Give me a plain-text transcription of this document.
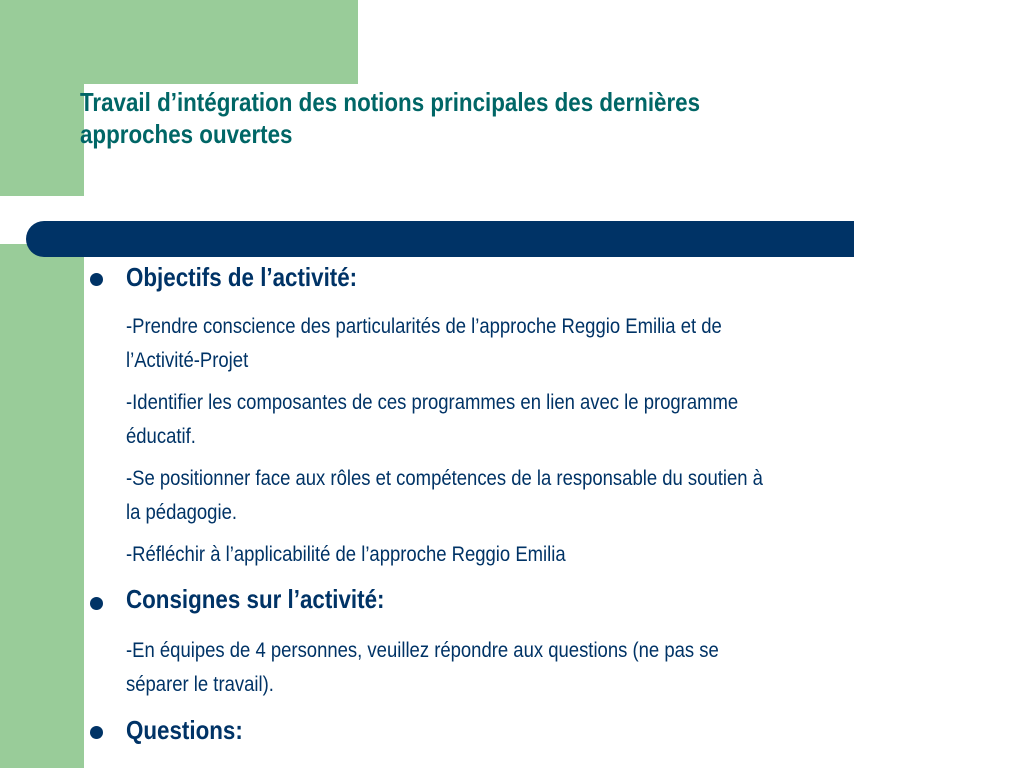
Travail d’intégration des notions principales des dernières
approches ouvertes
Objectifs de l’activité:
-Prendre conscience des particularités de l’approche Reggio Emilia et de
l’Activité-Projet
-Identifier les composantes de ces programmes en lien avec le programme
éducatif.
-Se positionner face aux rôles et compétences de la responsable du soutien à
la pédagogie.
-Réfléchir à l’applicabilité de l’approche Reggio Emilia
Consignes sur l’activité:
-En équipes de 4 personnes, veuillez répondre aux questions (ne pas se
séparer le travail).
Questions:
